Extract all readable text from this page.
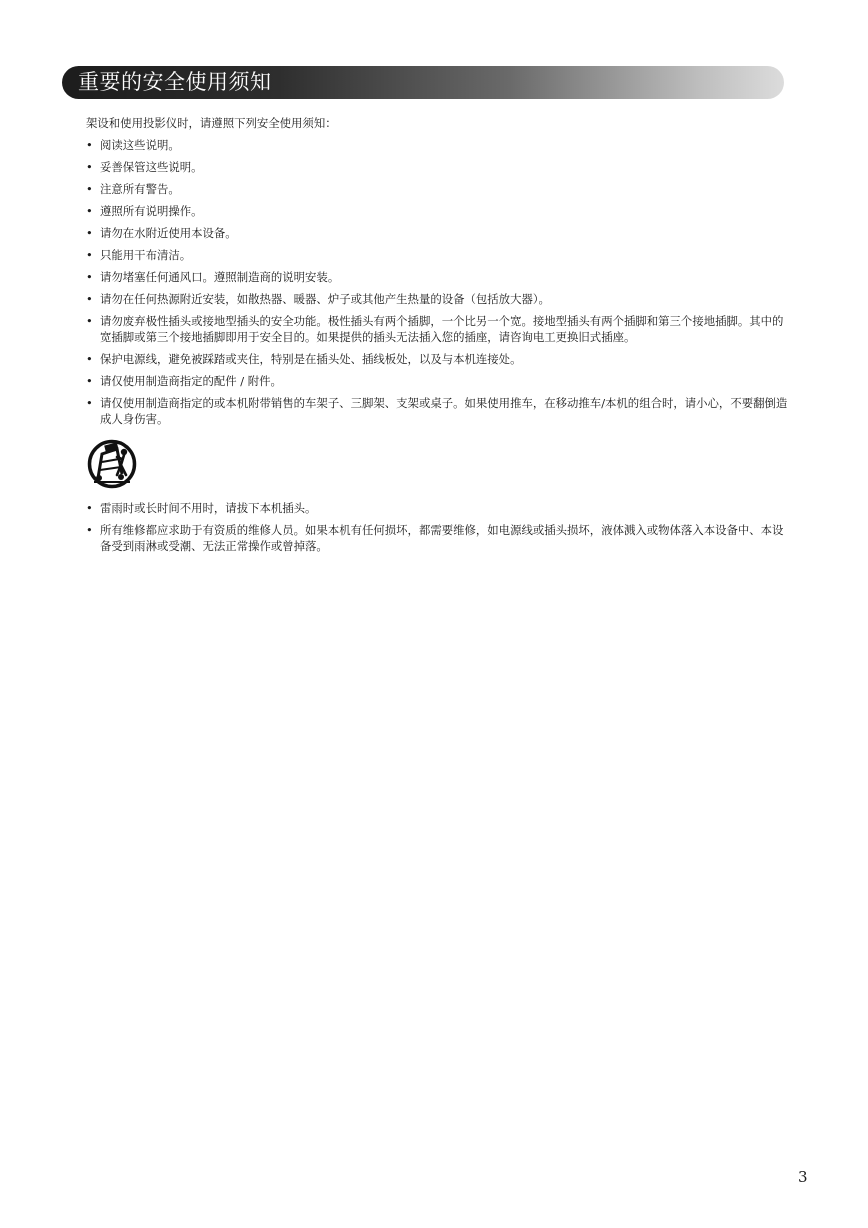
重要的安全使用须知

架设和使用投影仪时，请遵照下列安全使用须知：

• 阅读这些说明。
• 妥善保管这些说明。
• 注意所有警告。
• 遵照所有说明操作。
• 请勿在水附近使用本设备。
• 只能用干布清洁。
• 请勿堵塞任何通风口。遵照制造商的说明安装。
• 请勿在任何热源附近安装，如散热器、暖器、炉子或其他产生热量的设备（包括放大器）。
• 请勿废弃极性插头或接地型插头的安全功能。极性插头有两个插脚，一个比另一个宽。接地型插头有两个插脚和第三个接地插脚。其中的宽插脚或第三个接地插脚即用于安全目的。如果提供的插头无法插入您的插座，请咨询电工更换旧式插座。
• 保护电源线，避免被踩踏或夹住，特别是在插头处、插线板处，以及与本机连接处。
• 请仅使用制造商指定的配件 / 附件。
• 请仅使用制造商指定的或本机附带销售的车架子、三脚架、支架或桌子。如果使用推车，在移动推车/本机的组合时，请小心，不要翻倒造成人身伤害。
• 雷雨时或长时间不用时，请拔下本机插头。
• 所有维修都应求助于有资质的维修人员。如果本机有任何损坏，都需要维修，如电源线或插头损坏，液体溅入或物体落入本设备中、本设备受到雨淋或受潮、无法正常操作或曾掉落。
3
